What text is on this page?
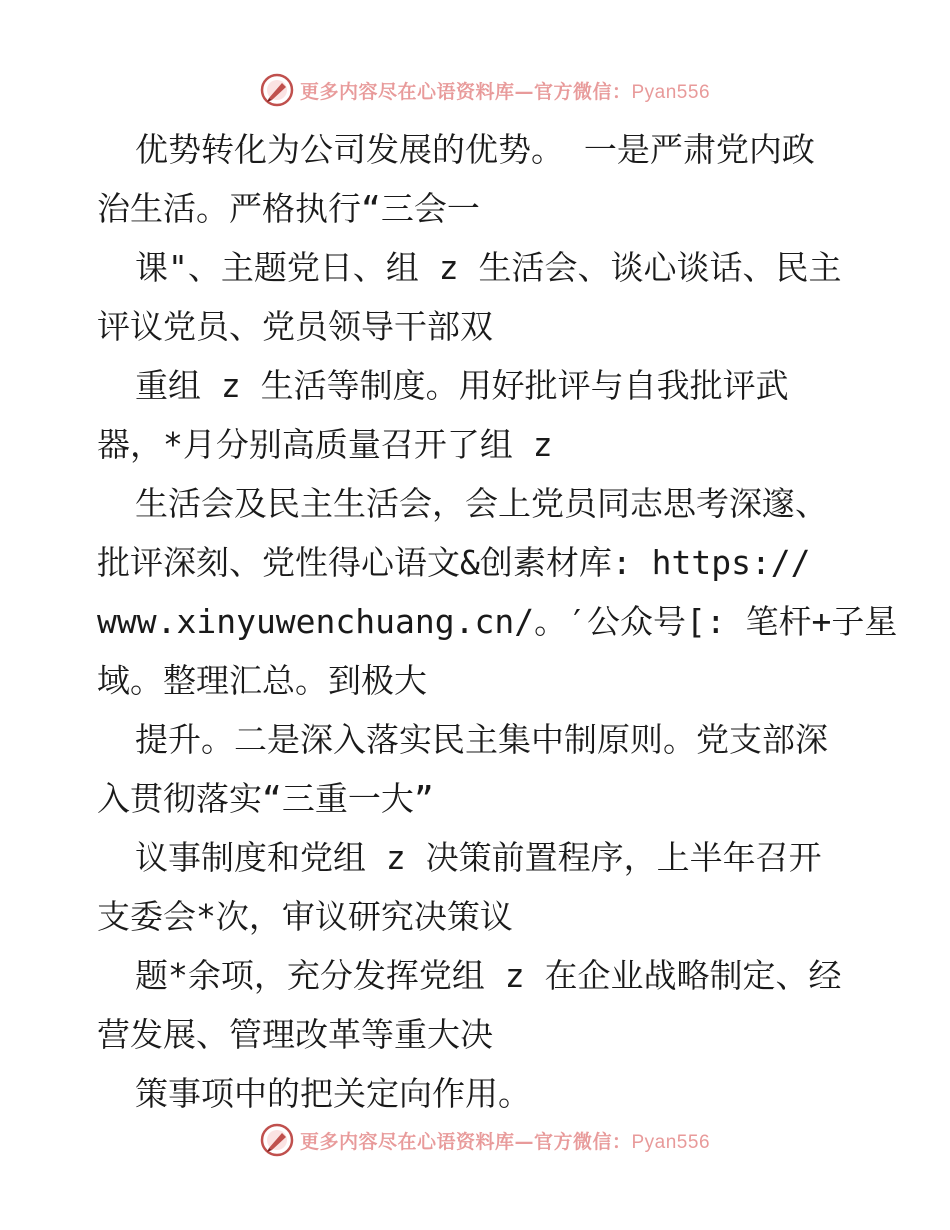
更多内容尽在心语资料库—官方微信：Pyan556
优势转化为公司发展的优势。 一是严肃党内政
治生活。严格执行“三会一
课"、主题党日、组 z 生活会、谈心谈话、民主
评议党员、党员领导干部双
重组 z 生活等制度。用好批评与自我批评武
器，*月分别高质量召开了组 z
生活会及民主生活会，会上党员同志思考深邃、
批评深刻、党性得心语文&创素材库: https://
www.xinyuwenchuang.cn/。′公众号[: 笔杆+子星
域。整理汇总。到极大
提升。二是深入落实民主集中制原则。党支部深
入贯彻落实“三重一大”
议事制度和党组 z 决策前置程序，上半年召开
支委会*次，审议研究决策议
题*余项，充分发挥党组 z 在企业战略制定、经
营发展、管理改革等重大决
策事项中的把关定向作用。
更多内容尽在心语资料库—官方微信：Pyan556
